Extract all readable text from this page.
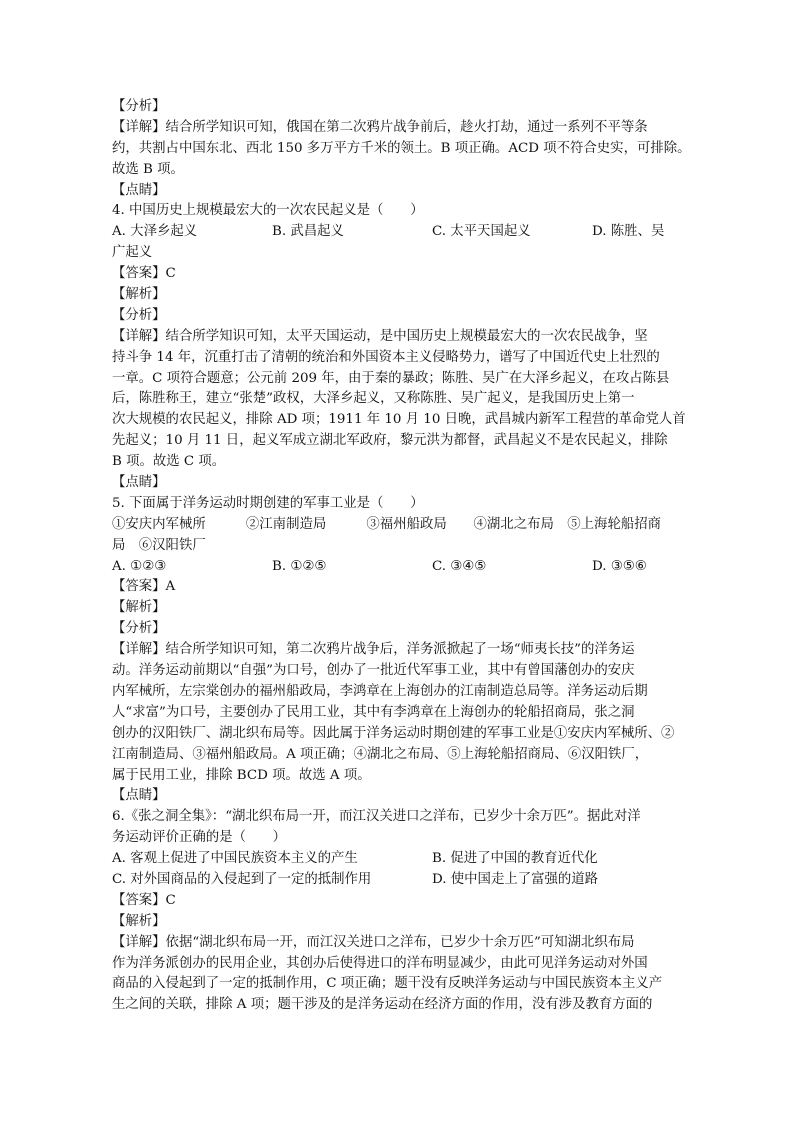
【分析】
【详解】结合所学知识可知，俄国在第二次鸦片战争前后，趁火打劫，通过一系列不平等条
约，共割占中国东北、西北 150 多万平方千米的领土。B 项正确。ACD 项不符合史实，可排除。
故选 B 项。
【点睛】
4. 中国历史上规模最宏大的一次农民起义是（　　）
A. 大泽乡起义	B. 武昌起义	C. 太平天国起义	D. 陈胜、吴
广起义
【答案】C
【解析】
【分析】
【详解】结合所学知识可知，太平天国运动，是中国历史上规模最宏大的一次农民战争，坚
持斗争 14 年，沉重打击了清朝的统治和外国资本主义侵略势力，谱写了中国近代史上壮烈的
一章。C 项符合题意；公元前 209 年，由于秦的暴政；陈胜、吴广在大泽乡起义，在攻占陈县
后，陈胜称王，建立“张楚”政权，大泽乡起义，又称陈胜、吴广起义，是我国历史上第一
次大规模的农民起义，排除 AD 项；1911 年 10 月 10 日晚，武昌城内新军工程营的革命党人首
先起义；10 月 11 日，起义军成立湖北军政府，黎元洪为都督，武昌起义不是农民起义，排除
B 项。故选 C 项。
【点睛】
5. 下面属于洋务运动时期创建的军事工业是（　　）
①安庆内军械所　　　②江南制造局　　　③福州船政局　　④湖北之布局　⑤上海轮船招商
局　⑥汉阳铁厂
A. ①②③	B. ①②⑤	C. ③④⑤	D. ③⑤⑥
【答案】A
【解析】
【分析】
【详解】结合所学知识可知，第二次鸦片战争后，洋务派掀起了一场“师夷长技”的洋务运
动。洋务运动前期以“自强”为口号，创办了一批近代军事工业，其中有曾国藩创办的安庆
内军械所，左宗棠创办的福州船政局，李鸿章在上海创办的江南制造总局等。洋务运动后期
人“求富”为口号，主要创办了民用工业，其中有李鸿章在上海创办的轮船招商局，张之洞
创办的汉阳铁厂、湖北织布局等。因此属于洋务运动时期创建的军事工业是①安庆内军械所、②
江南制造局、③福州船政局。A 项正确；④湖北之布局、⑤上海轮船招商局、⑥汉阳铁厂，
属于民用工业，排除 BCD 项。故选 A 项。
【点睛】
6.《张之洞全集》：“湖北织布局一开，而江汉关进口之洋布，已岁少十余万匹”。据此对洋
务运动评价正确的是（　　）
A. 客观上促进了中国民族资本主义的产生	B. 促进了中国的教育近代化
C. 对外国商品的入侵起到了一定的抵制作用	D. 使中国走上了富强的道路
【答案】C
【解析】
【详解】依据“湖北织布局一开，而江汉关进口之洋布，已岁少十余万匹”可知湖北织布局
作为洋务派创办的民用企业，其创办后使得进口的洋布明显减少，由此可见洋务运动对外国
商品的入侵起到了一定的抵制作用，C 项正确；题干没有反映洋务运动与中国民族资本主义产
生之间的关联，排除 A 项；题干涉及的是洋务运动在经济方面的作用，没有涉及教育方面的
